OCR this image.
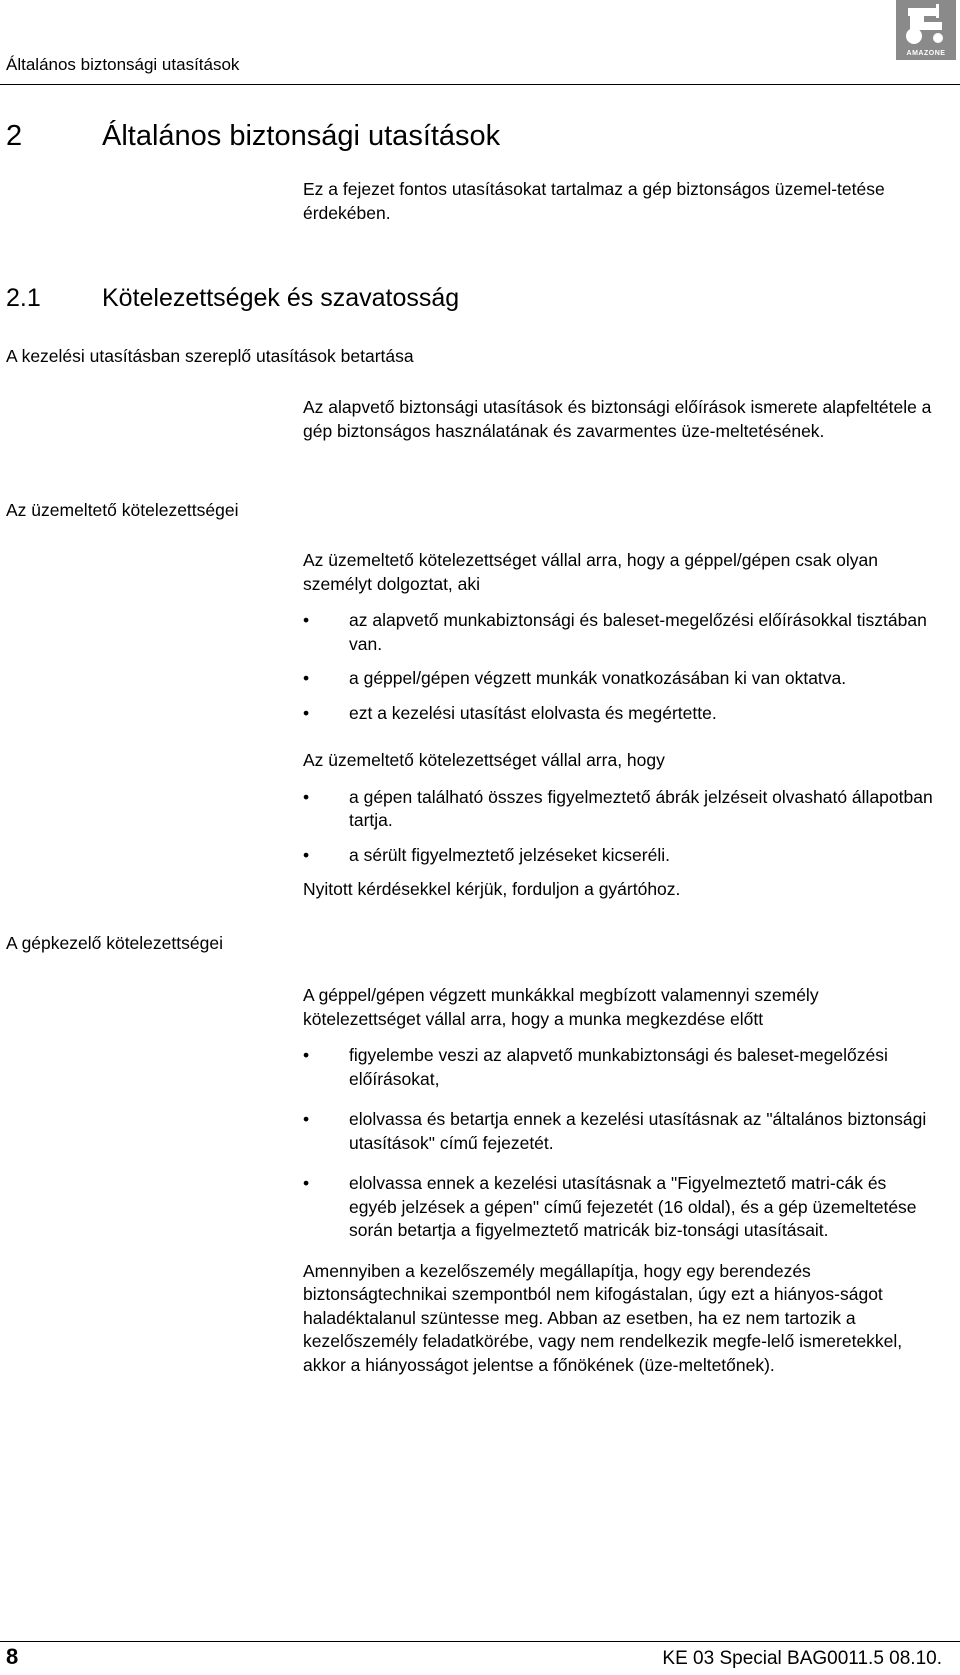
Általános biztonsági utasítások
AMAZONE
2	Általános biztonsági utasítások

Ez a fejezet fontos utasításokat tartalmaz a gép biztonságos üzemel-tetése érdekében.

2.1 Kötelezettségek és szavatosság
A kezelési utasításban szereplő utasítások betartása

Az alapvető biztonsági utasítások és biztonsági előírások ismerete alapfeltétele a gép biztonságos használatának és zavarmentes üze-meltetésének.

Az üzemeltető kötelezettségei

Az üzemeltető kötelezettséget vállal arra, hogy a géppel/gépen csak olyan személyt dolgoztat, aki

• az alapvető munkabiztonsági és baleset-megelőzési előírásokkal tisztában van.
• a géppel/gépen végzett munkák vonatkozásában ki van oktatva.
• ezt a kezelési utasítást elolvasta és megértette.

Az üzemeltető kötelezettséget vállal arra, hogy

• a gépen található összes figyelmeztető ábrák jelzéseit olvasható állapotban tartja.
• a sérült figyelmeztető jelzéseket kicseréli.

Nyitott kérdésekkel kérjük, forduljon a gyártóhoz.

A gépkezelő kötelezettségei

A géppel/gépen végzett munkákkal megbízott valamennyi személy kötelezettséget vállal arra, hogy a munka megkezdése előtt

• figyelembe veszi az alapvető munkabiztonsági és baleset-megelőzési előírásokat,
• elolvassa és betartja ennek a kezelési utasításnak az "általános biztonsági utasítások" című fejezetét.
• elolvassa ennek a kezelési utasításnak a "Figyelmeztető matri-cák és egyéb jelzések a gépen" című fejezetét (16 oldal), és a gép üzemeltetése során betartja a figyelmeztető matricák biz-tonsági utasításait.

Amennyiben a kezelőszemély megállapítja, hogy egy berendezés biztonságtechnikai szempontból nem kifogástalan, úgy ezt a hiányos-ságot haladéktalanul szüntesse meg. Abban az esetben, ha ez nem tartozik a kezelőszemély feladatkörébe, vagy nem rendelkezik megfe-lelő ismeretekkel, akkor a hiányosságot jelentse a főnökének (üze-meltetőnek).

8	KE 03 Special BAG0011.5 08.10.
